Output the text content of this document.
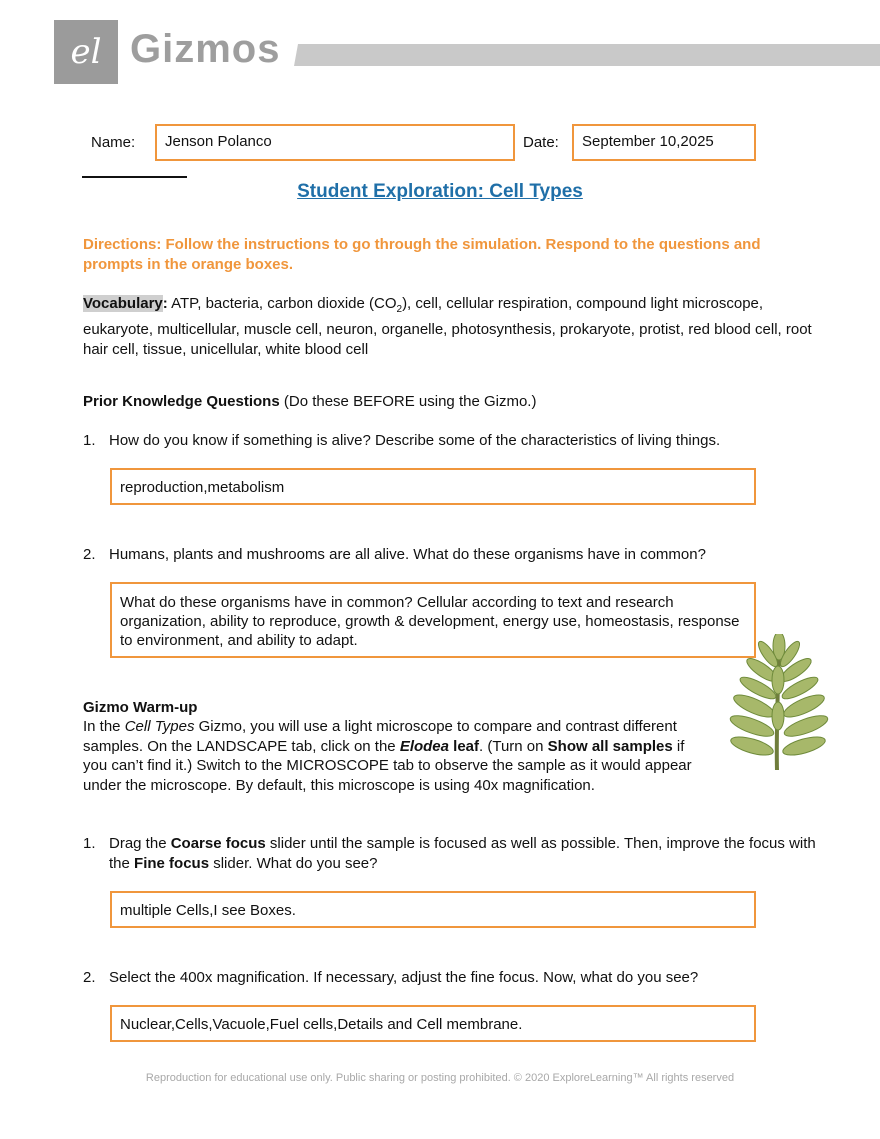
el Gizmos
Name:	Jenson Polanco	Date:	September 10,2025
Student Exploration: Cell Types
Directions: Follow the instructions to go through the simulation. Respond to the questions and prompts in the orange boxes.
Vocabulary: ATP, bacteria, carbon dioxide $(CO_2)$, cell, cellular respiration, compound light microscope, eukaryote, multicellular, muscle cell, neuron, organelle, photosynthesis, prokaryote, protist, red blood cell, root hair cell, tissue, unicellular, white blood cell
Prior Knowledge Questions (Do these BEFORE using the Gizmo.)
1. How do you know if something is alive? Describe some of the characteristics of living things.
reproduction,metabolism
2. Humans, plants and mushrooms are all alive. What do these organisms have in common?
What do these organisms have in common? Cellular according to text and research organization, ability to reproduce, growth & development, energy use, homeostasis, response to environment, and ability to adapt.
Gizmo Warm-up
In the Cell Types Gizmo, you will use a light microscope to compare and contrast different samples. On the LANDSCAPE tab, click on the Elodea leaf. (Turn on Show all samples if you can’t find it.) Switch to the MICROSCOPE tab to observe the sample as it would appear under the microscope. By default, this microscope is using 40x magnification.
1. Drag the Coarse focus slider until the sample is focused as well as possible. Then, improve the focus with the Fine focus slider. What do you see?
multiple Cells,I see Boxes.
2. Select the 400x magnification. If necessary, adjust the fine focus. Now, what do you see?
Nuclear,Cells,Vacuole,Fuel cells,Details and Cell membrane.
Reproduction for educational use only. Public sharing or posting prohibited. © 2020 ExploreLearning™ All rights reserved
